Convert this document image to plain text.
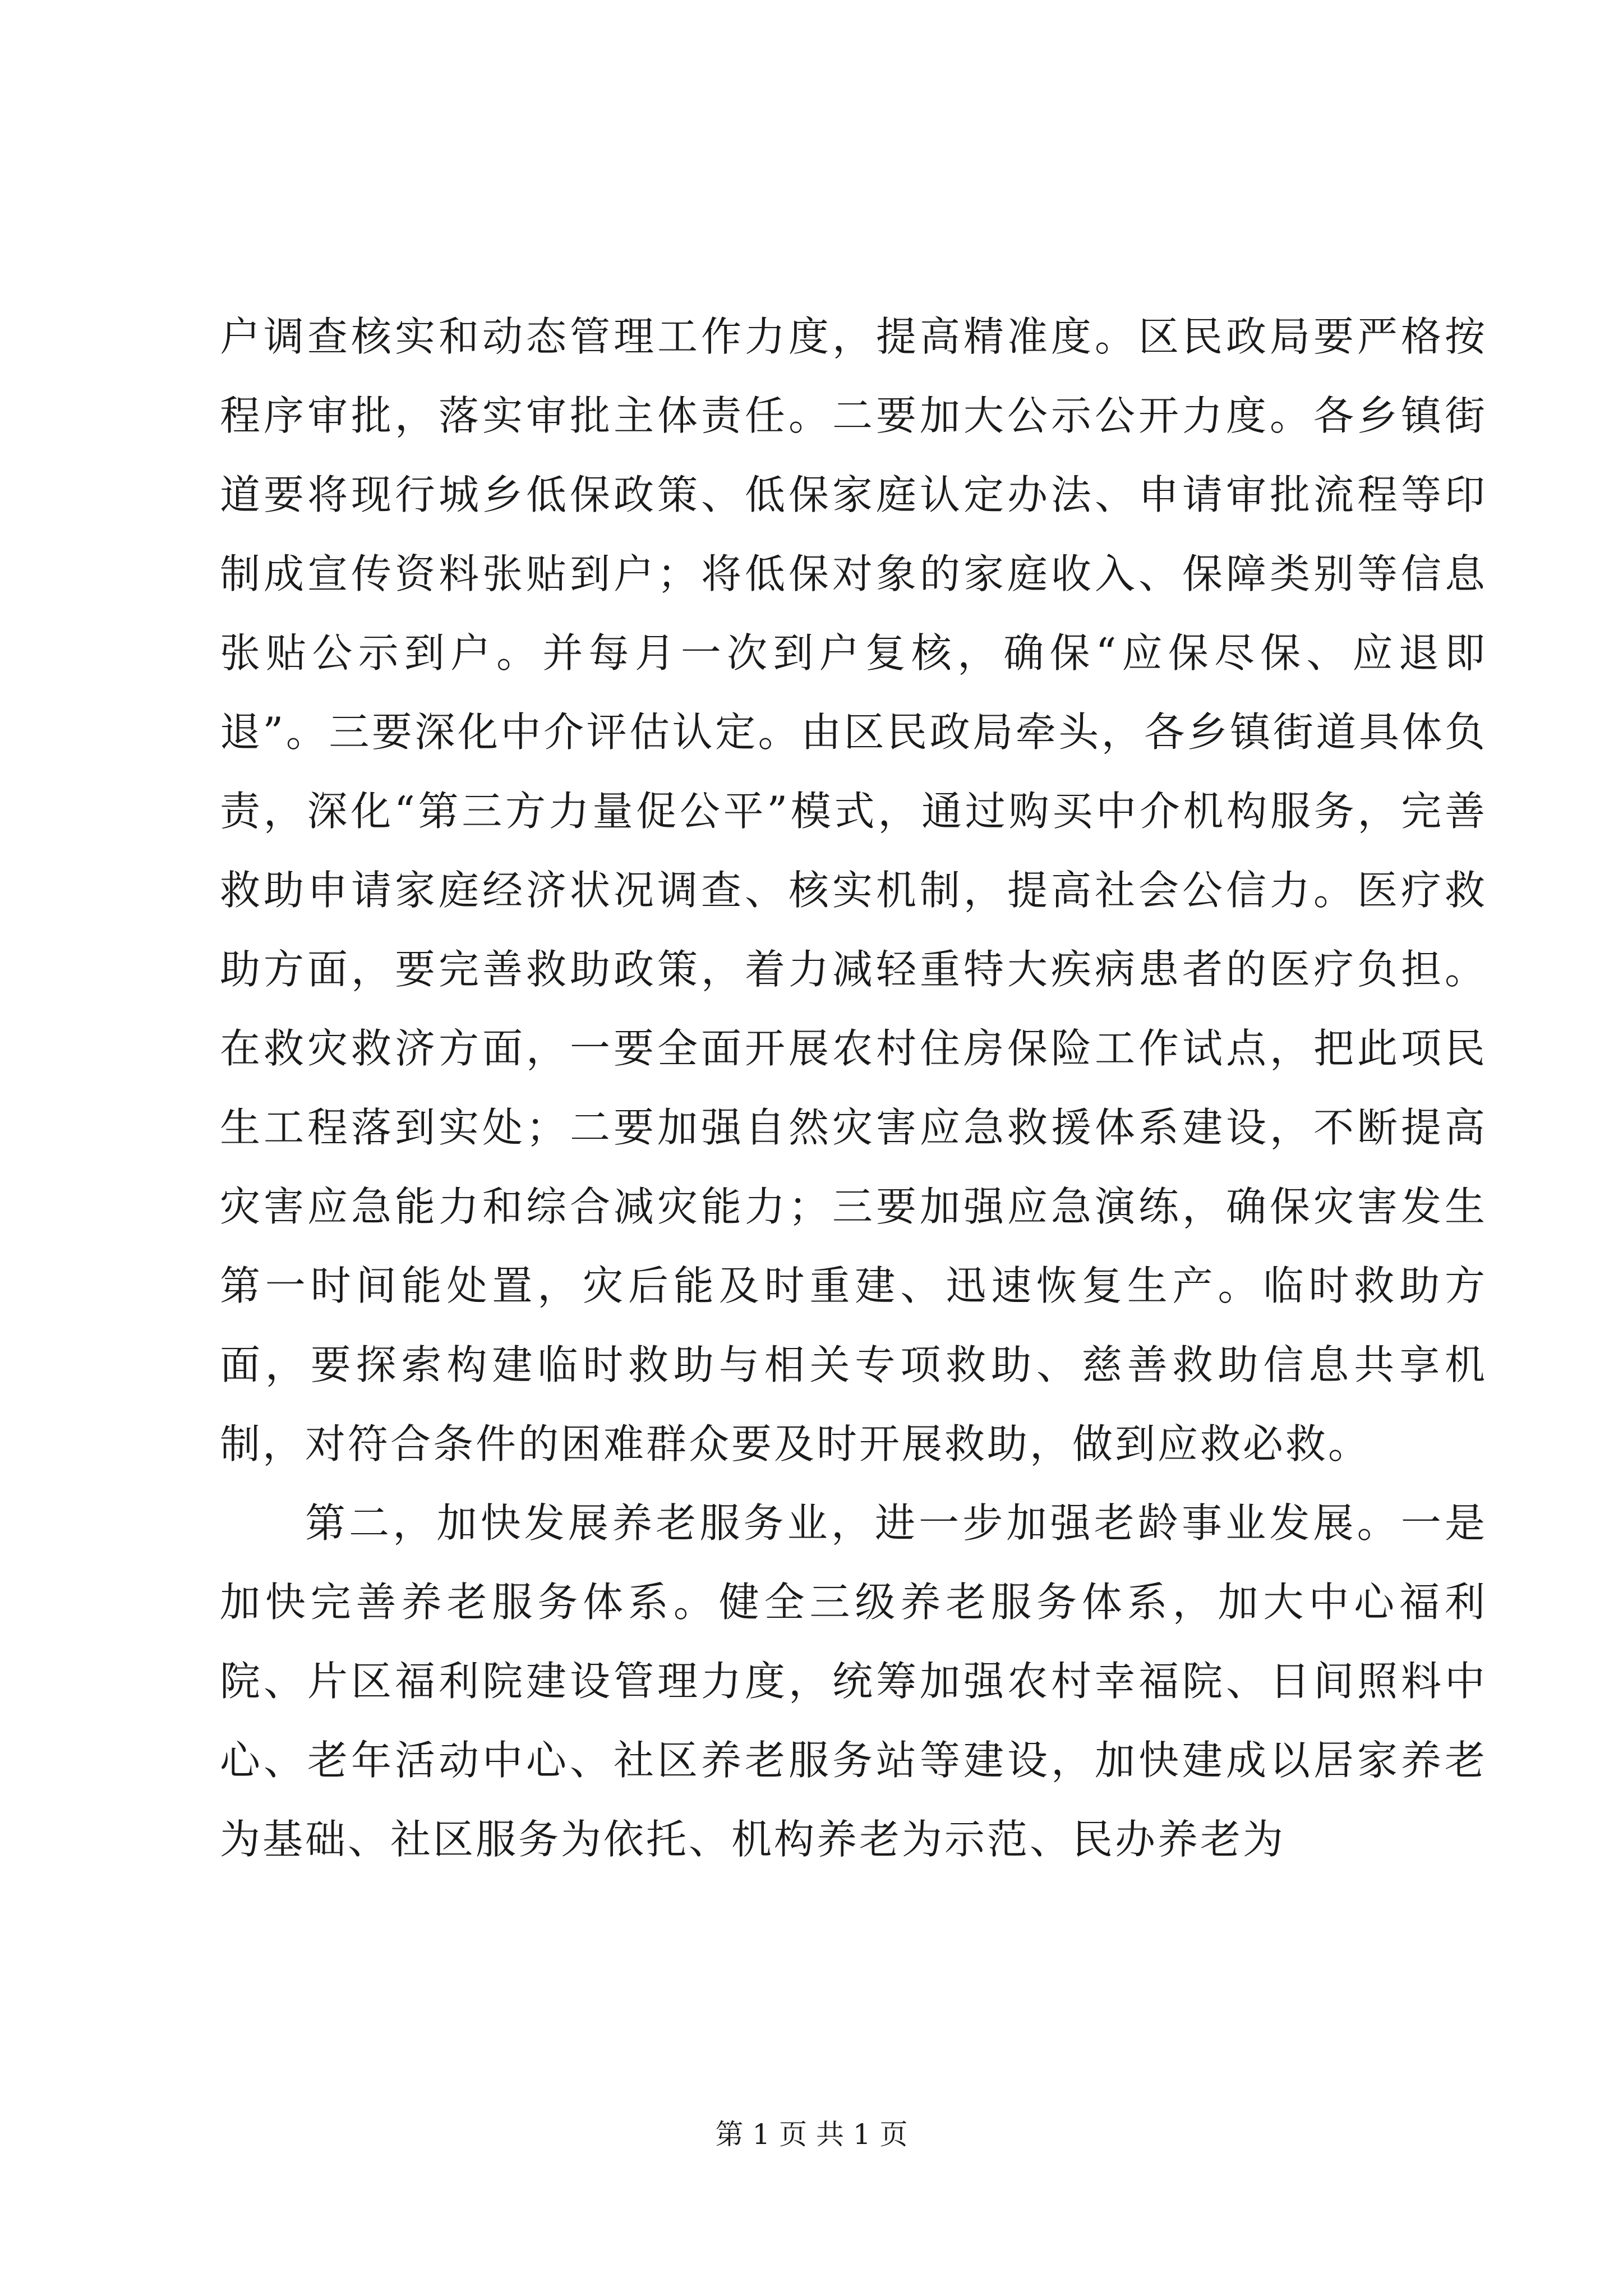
户调查核实和动态管理工作力度，提高精准度。区民政局要严格按程序审批，落实审批主体责任。二要加大公示公开力度。各乡镇街道要将现行城乡低保政策、低保家庭认定办法、申请审批流程等印制成宣传资料张贴到户；将低保对象的家庭收入、保障类别等信息张贴公示到户。并每月一次到户复核，确保“应保尽保、应退即退”。三要深化中介评估认定。由区民政局牵头，各乡镇街道具体负责，深化“第三方力量促公平”模式，通过购买中介机构服务，完善救助申请家庭经济状况调查、核实机制，提高社会公信力。医疗救助方面，要完善救助政策，着力减轻重特大疾病患者的医疗负担。在救灾救济方面，一要全面开展农村住房保险工作试点，把此项民生工程落到实处；二要加强自然灾害应急救援体系建设，不断提高灾害应急能力和综合减灾能力；三要加强应急演练，确保灾害发生第一时间能处置，灾后能及时重建、迅速恢复生产。临时救助方面，要探索构建临时救助与相关专项救助、慈善救助信息共享机制，对符合条件的困难群众要及时开展救助，做到应救必救。

第二，加快发展养老服务业，进一步加强老龄事业发展。一是加快完善养老服务体系。健全三级养老服务体系，加大中心福利院、片区福利院建设管理力度，统筹加强农村幸福院、日间照料中心、老年活动中心、社区养老服务站等建设，加快建成以居家养老为基础、社区服务为依托、机构养老为示范、民办养老为

第 1 页 共 1 页
